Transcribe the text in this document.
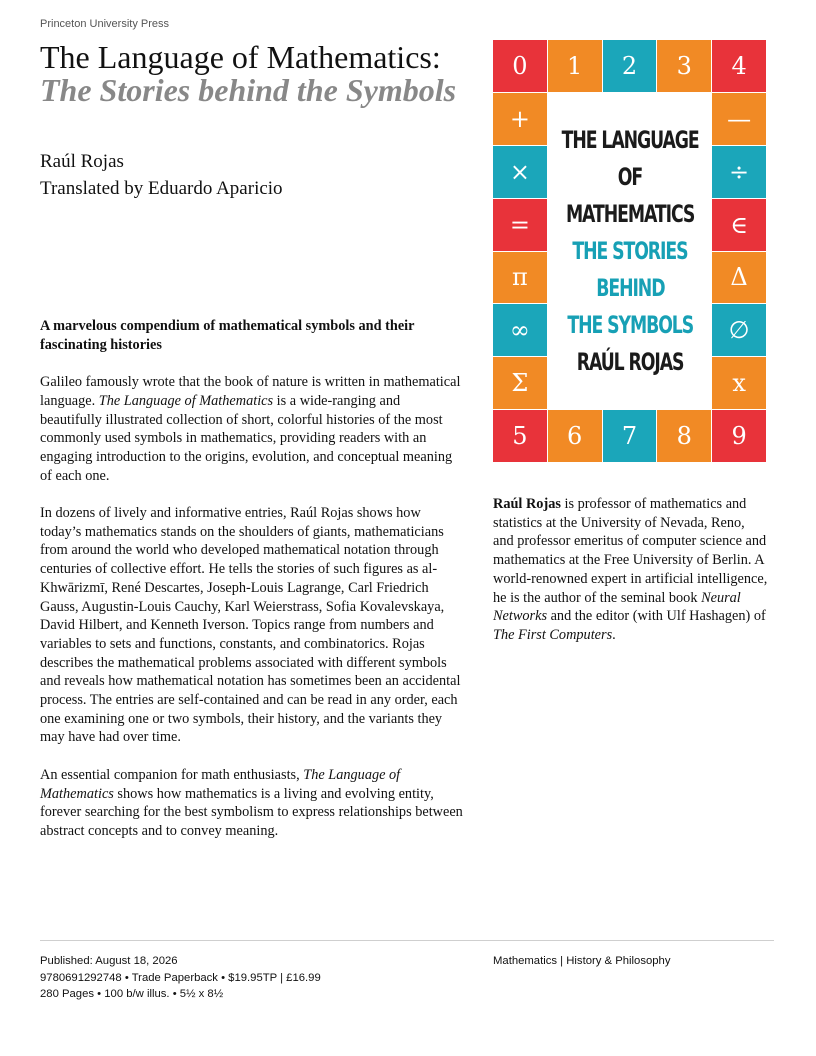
Princeton University Press
The Language of Mathematics:
The Stories behind the Symbols
Raúl Rojas
Translated by Eduardo Aparicio

A marvelous compendium of mathematical symbols and their fascinating histories

Galileo famously wrote that the book of nature is written in mathematical language. The Language of Mathematics is a wide-ranging and beautifully illustrated collection of short, colorful histories of the most commonly used symbols in mathematics, providing readers with an engaging introduction to the origins, evolution, and conceptual meaning of each one.

In dozens of lively and informative entries, Raúl Rojas shows how today’s mathematics stands on the shoulders of giants, mathematicians from around the world who developed mathematical notation through centuries of collective effort. He tells the stories of such figures as al-Khwārizmī, René Descartes, Joseph-Louis Lagrange, Carl Friedrich Gauss, Augustin-Louis Cauchy, Karl Weierstrass, Sofia Kovalevskaya, David Hilbert, and Kenneth Iverson. Topics range from numbers and variables to sets and functions, constants, and combinatorics. Rojas describes the mathematical problems associated with different symbols and reveals how mathematical notation has sometimes been an accidental process. The entries are self-contained and can be read in any order, each one examining one or two symbols, their history, and the variants they may have had over time.

An essential companion for math enthusiasts, The Language of Mathematics shows how mathematics is a living and evolving entity, forever searching for the best symbolism to express relationships between abstract concepts and to convey meaning.

THE LANGUAGE
OF
MATHEMATICS
THE STORIES
BEHIND
THE SYMBOLS
RAÚL ROJAS
0	1	2	3	4
5	6	7	8	9
+
×
=
π
∞
Σ
—
÷
∈
Δ
∅
x
Raúl Rojas is professor of mathematics and statistics at the University of Nevada, Reno, and professor emeritus of computer science and mathematics at the Free University of Berlin. A world-renowned expert in artificial intelligence, he is the author of the seminal book Neural Networks and the editor (with Ulf Hashagen) of The First Computers.
Published: August 18, 2026
9780691292748 • Trade Paperback • $19.95TP | £16.99
280 Pages • 100 b/w illus. • 5½ x 8½
Mathematics | History & Philosophy
